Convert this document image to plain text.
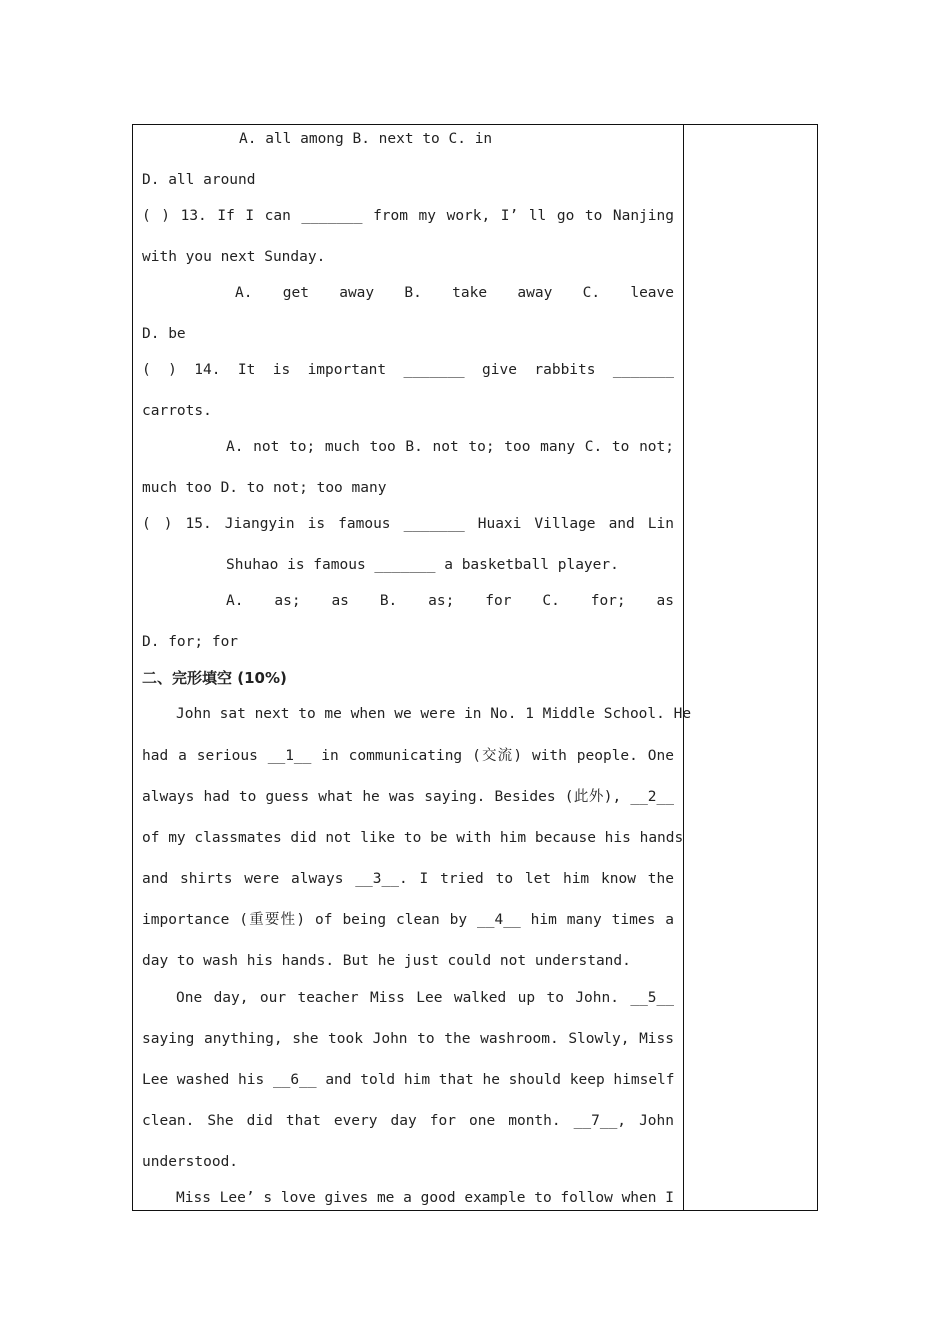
A. all among B. next to C. in
D. all around
( ) 13. If I can _______ from my work, I’ ll go to Nanjing
with you next Sunday.
A. get away B. take away C. leave
D. be
( ) 14. It is important _______ give rabbits _______
carrots.
A. not to; much too B. not to; too many C. to not;
much too D. to not; too many
( ) 15. Jiangyin is famous _______ Huaxi Village and Lin
Shuhao is famous _______ a basketball player.
A. as; as B. as; for C. for; as
D. for; for
二、完形填空 (10%)
John sat next to me when we were in No. 1 Middle School. He
had a serious __1__ in communicating (交流) with people. One
always had to guess what he was saying. Besides (此外), __2__
of my classmates did not like to be with him because his hands
and shirts were always __3__. I tried to let him know the
importance (重要性) of being clean by __4__ him many times a
day to wash his hands. But he just could not understand.
One day, our teacher Miss Lee walked up to John. __5__
saying anything, she took John to the washroom. Slowly, Miss
Lee washed his __6__ and told him that he should keep himself
clean. She did that every day for one month. __7__, John
understood.
Miss Lee’ s love gives me a good example to follow when I
